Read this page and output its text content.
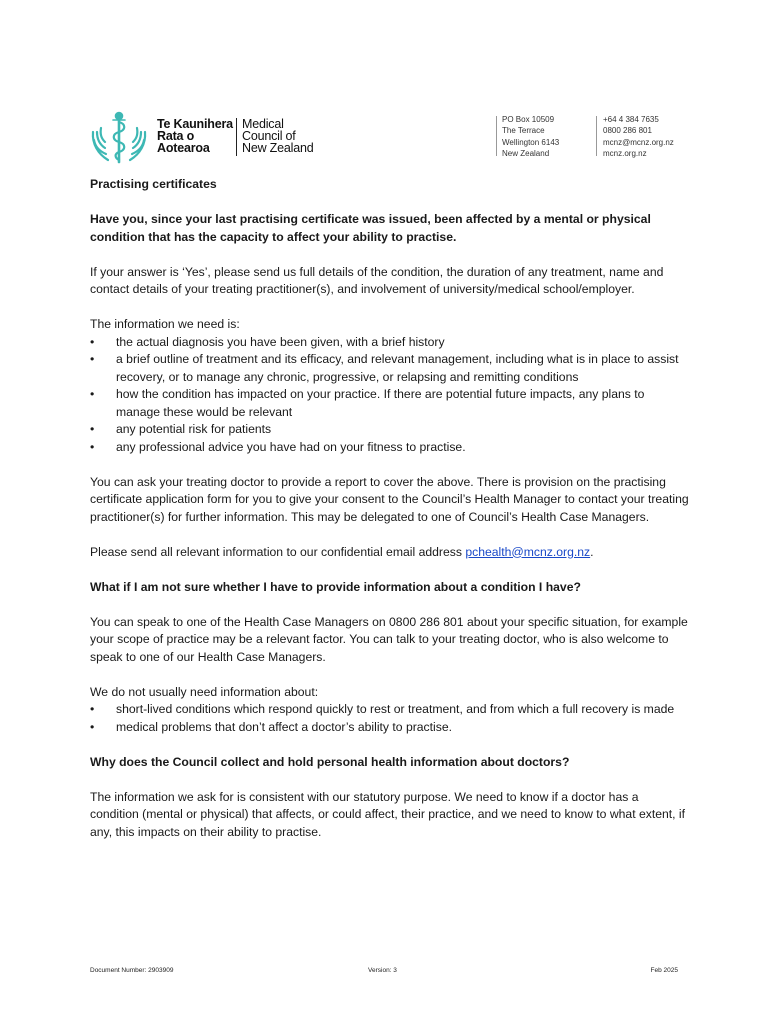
Te Kaunihera
Rata o
Aotearoa
Medical
Council of
New Zealand
PO Box 10509
The Terrace
Wellington 6143
New Zealand
+64 4 384 7635
0800 286 801
mcnz@mcnz.org.nz
mcnz.org.nz
Practising certificates
Have you, since your last practising certificate was issued, been affected by a mental or physical condition that has the capacity to affect your ability to practise.

If your answer is ‘Yes’, please send us full details of the condition, the duration of any treatment, name and contact details of your treating practitioner(s), and involvement of university/medical school/employer.

The information we need is:

• the actual diagnosis you have been given, with a brief history
• a brief outline of treatment and its efficacy, and relevant management, including what is in place to assist recovery, or to manage any chronic, progressive, or relapsing and remitting conditions
• how the condition has impacted on your practice. If there are potential future impacts, any plans to manage these would be relevant
• any potential risk for patients
• any professional advice you have had on your fitness to practise.

You can ask your treating doctor to provide a report to cover the above. There is provision on the practising certificate application form for you to give your consent to the Council’s Health Manager to contact your treating practitioner(s) for further information. This may be delegated to one of Council’s Health Case Managers.

Please send all relevant information to our confidential email address pchealth@mcnz.org.nz.

What if I am not sure whether I have to provide information about a condition I have?

You can speak to one of the Health Case Managers on 0800 286 801 about your specific situation, for example your scope of practice may be a relevant factor. You can talk to your treating doctor, who is also welcome to speak to one of our Health Case Managers.

We do not usually need information about:

• short-lived conditions which respond quickly to rest or treatment, and from which a full recovery is made
• medical problems that don’t affect a doctor’s ability to practise.
Why does the Council collect and hold personal health information about doctors?

The information we ask for is consistent with our statutory purpose. We need to know if a doctor has a condition (mental or physical) that affects, or could affect, their practice, and we need to know to what extent, if any, this impacts on their ability to practise.

Document Number: 2903909	Version: 3	Feb 2025
